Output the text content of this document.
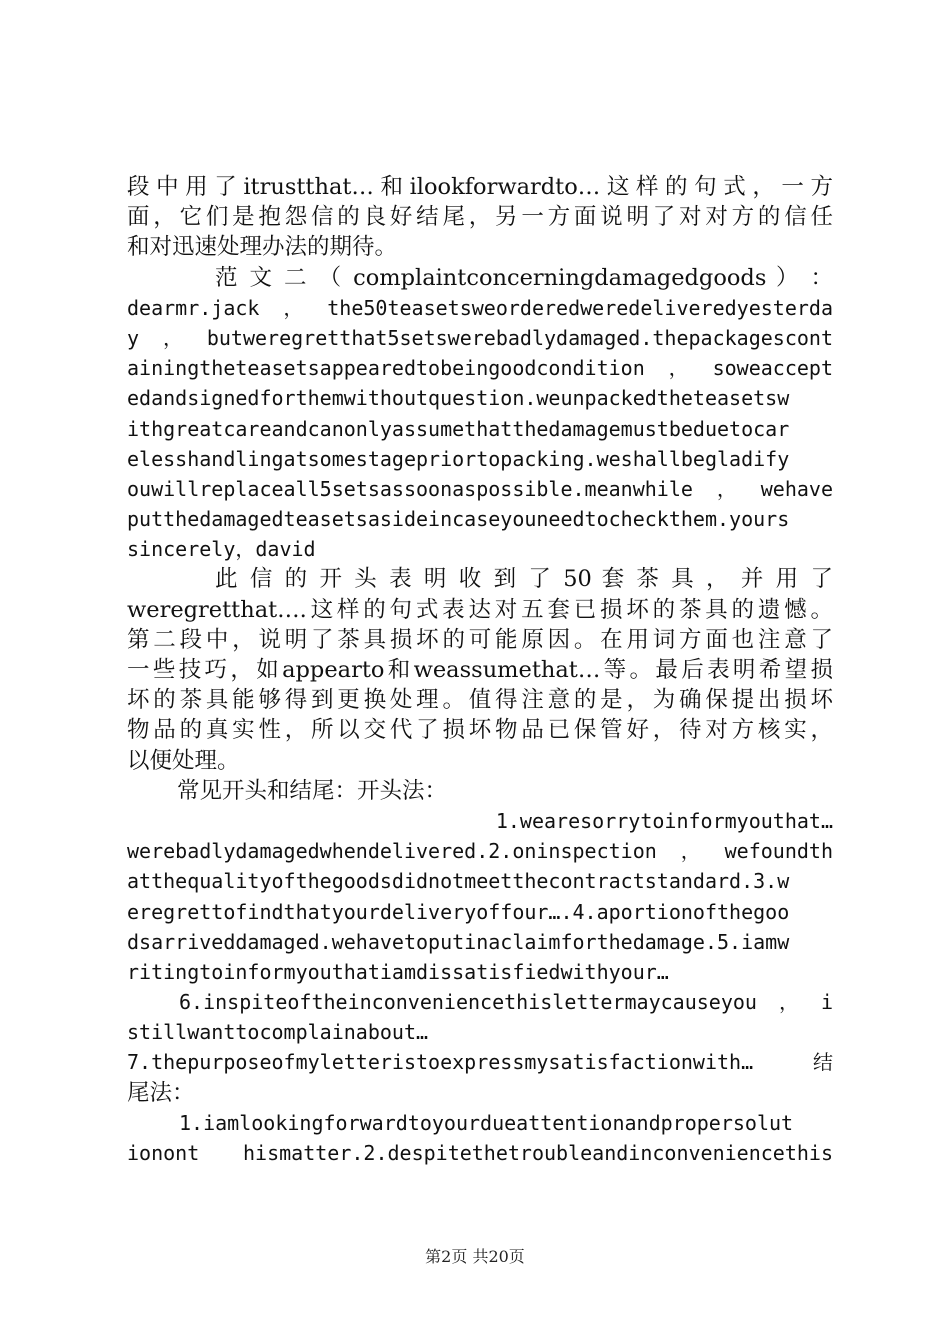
段中用了itrustthat…和ilookforwardto…这样的句式，一方
面，它们是抱怨信的良好结尾，另一方面说明了对对方的信任
和对迅速处理办法的期待。
范 文 二 （ complaintconcerningdamagedgoods ） ：
dearmr.jack，the50teasetsweorderedweredeliveredyesterda
y，butweregretthat5setswerebadlydamaged.thepackagescont
ainingtheteasetsappearedtobeingoodcondition，soweaccept
edandsignedforthemwithoutquestion.weunpackedtheteasetsw
ithgreatcareandcanonlyassumethatthedamagemustbeduetocar
elesshandlingatsomestagepriortopacking.weshallbegladify
ouwillreplaceall5setsassoonaspossible.meanwhile，wehave
putthedamagedteasetsasideincaseyouneedtocheckthem.yours
sincerely，david
此 信 的 开 头 表 明 收 到 了 50 套 茶 具 ， 并 用 了
weregretthat….这样的句式表达对五套已损坏的茶具的遗憾。
第二段中，说明了茶具损坏的可能原因。在用词方面也注意了
一些技巧，如appearto和weassumethat…等。最后表明希望损
坏的茶具能够得到更换处理。值得注意的是，为确保提出损坏
物品的真实性，所以交代了损坏物品已保管好，待对方核实，
以便处理。
常见开头和结尾：开头法：
1.wearesorrytoinformyouthat…
werebadlydamagedwhendelivered.2.oninspection，wefoundth
atthequalityofthegoodsdidnotmeetthecontractstandard.3.w
eregrettofindthatyourdeliveryoffour….4.aportionofthegoo
dsarriveddamaged.wehavetoputinaclaimforthedamage.5.iamw
ritingtoinformyouthatiamdissatisfiedwithyour…
6.inspiteoftheinconveniencethislettermaycauseyou，i
stillwanttocomplainabout…
7.thepurposeofmyletteristoexpressmysatisfactionwith…结
尾法：
1.iamlookingforwardtoyourdueattentionandpropersolut
ionont hismatter.2.despitethetroubleandinconveniencethis
第2页 共20页
